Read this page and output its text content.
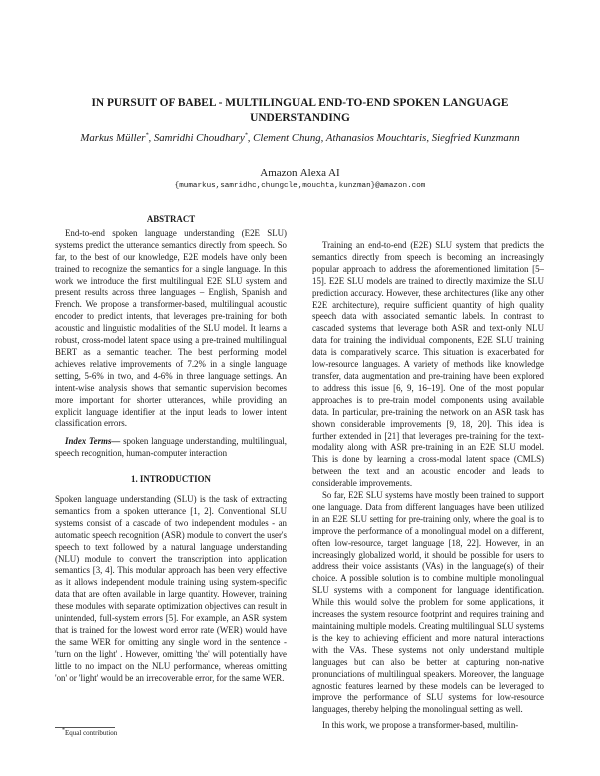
IN PURSUIT OF BABEL - MULTILINGUAL END-TO-END SPOKEN LANGUAGE UNDERSTANDING
Markus Müller*, Samridhi Choudhary*, Clement Chung, Athanasios Mouchtaris, Siegfried Kunzmann
Amazon Alexa AI
{mumarkus,samridhc,chungcle,mouchta,kunzman}@amazon.com
ABSTRACT

End-to-end spoken language understanding (E2E SLU) systems predict the utterance semantics directly from speech. So far, to the best of our knowledge, E2E models have only been trained to recognize the semantics for a single language. In this work we introduce the first multilingual E2E SLU system and present results across three languages – English, Spanish and French. We propose a transformer-based, multilingual acoustic encoder to predict intents, that leverages pre-training for both acoustic and linguistic modalities of the SLU model. It learns a robust, cross-model latent space using a pre-trained multilingual BERT as a semantic teacher. The best performing model achieves relative improvements of 7.2% in a single language setting, 5-6% in two, and 4-6% in three language settings. An intent-wise analysis shows that semantic supervision becomes more important for shorter utterances, while providing an explicit language identifier at the input leads to lower intent classification errors.

Index Terms— spoken language understanding, multilingual, speech recognition, human-computer interaction

1. INTRODUCTION

Spoken language understanding (SLU) is the task of extracting semantics from a spoken utterance [1, 2]. Conventional SLU systems consist of a cascade of two independent modules - an automatic speech recognition (ASR) module to convert the user's speech to text followed by a natural language understanding (NLU) module to convert the transcription into application semantics [3, 4]. This modular approach has been very effective as it allows independent module training using system-specific data that are often available in large quantity. However, training these modules with separate optimization objectives can result in unintended, full-system errors [5]. For example, an ASR system that is trained for the lowest word error rate (WER) would have the same WER for omitting any single word in the sentence - 'turn on the light' . However, omitting 'the' will potentially have little to no impact on the NLU performance, whereas omitting 'on' or 'light' would be an irrecoverable error, for the same WER.

Training an end-to-end (E2E) SLU system that predicts the semantics directly from speech is becoming an increasingly popular approach to address the aforementioned limitation [5–15]. E2E SLU models are trained to directly maximize the SLU prediction accuracy. However, these architectures (like any other E2E architecture), require sufficient quantity of high quality speech data with associated semantic labels. In contrast to cascaded systems that leverage both ASR and text-only NLU data for training the individual components, E2E SLU training data is comparatively scarce. This situation is exacerbated for low-resource languages. A variety of methods like knowledge transfer, data augmentation and pre-training have been explored to address this issue [6, 9, 16–19]. One of the most popular approaches is to pre-train model components using available data. In particular, pre-training the network on an ASR task has shown considerable improvements [9, 18, 20]. This idea is further extended in [21] that leverages pre-training for the text-modality along with ASR pre-training in an E2E SLU model. This is done by learning a cross-modal latent space (CMLS) between the text and an acoustic encoder and leads to considerable improvements.

So far, E2E SLU systems have mostly been trained to support one language. Data from different languages have been utilized in an E2E SLU setting for pre-training only, where the goal is to improve the performance of a monolingual model on a different, often low-resource, target language [18, 22]. However, in an increasingly globalized world, it should be possible for users to address their voice assistants (VAs) in the language(s) of their choice. A possible solution is to combine multiple monolingual SLU systems with a component for language identification. While this would solve the problem for some applications, it increases the system resource footprint and requires training and maintaining multiple models. Creating multilingual SLU systems is the key to achieving efficient and more natural interactions with the VAs. These systems not only understand multiple languages but can also be better at capturing non-native pronunciations of multilingual speakers. Moreover, the language agnostic features learned by these models can be leveraged to improve the performance of SLU systems for low-resource languages, thereby helping the monolingual setting as well.

In this work, we propose a transformer-based, multilin-

*Equal contribution
